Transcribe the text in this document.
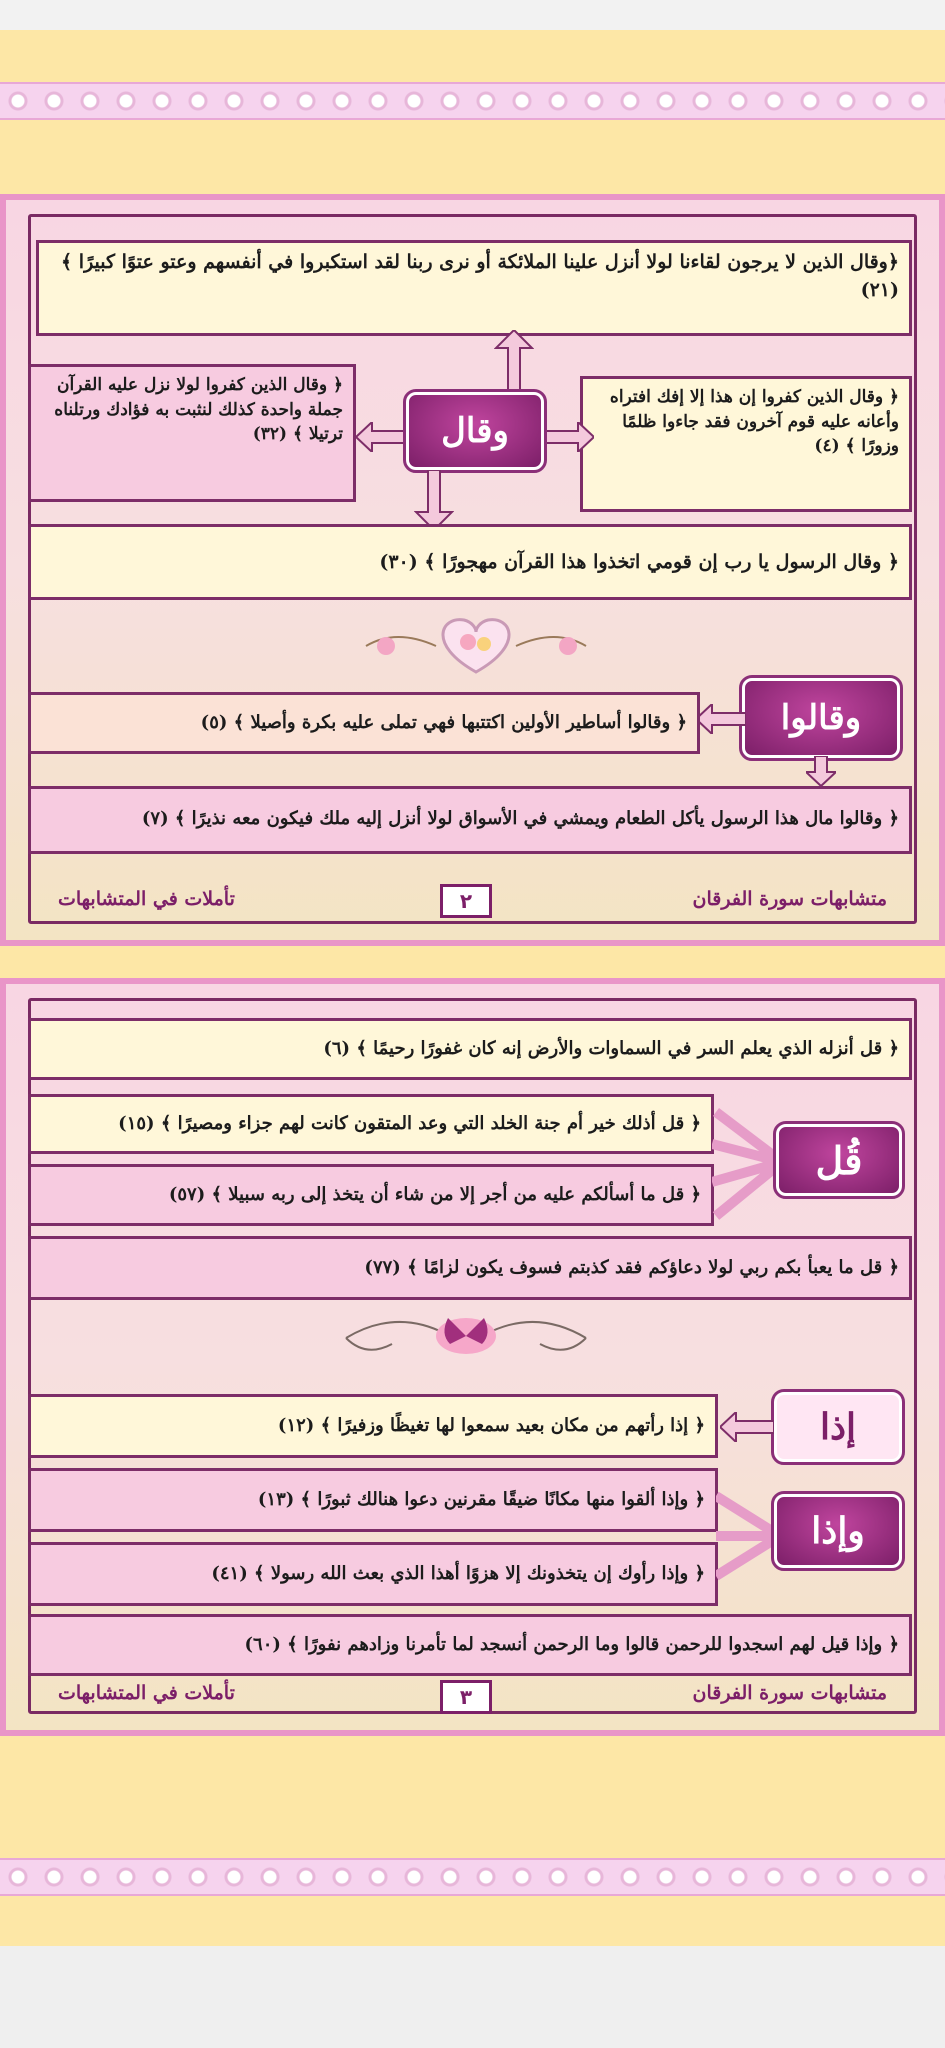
﴿وقال الذين لا يرجون لقاءنا لولا أنزل علينا الملائكة أو نرى ربنا لقد استكبروا في أنفسهم وعتو عتوًا كبيرًا ﴾ (٢١)
﴿ وقال الذين كفروا إن هذا إلا إفك افتراه وأعانه عليه قوم آخرون فقد جاءوا ظلمًا وزورًا ﴾ (٤)
﴿ وقال الذين كفروا لولا نزل عليه القرآن جملة واحدة كذلك لنثبت به فؤادك ورتلناه ترتيلا ﴾ (٣٢)	وقال
﴿ وقال الرسول يا رب إن قومي اتخذوا هذا القرآن مهجورًا ﴾ (٣٠)
وقالوا
﴿ وقالوا أساطير الأولين اكتتبها فهي تملى عليه بكرة وأصيلا ﴾ (٥)
﴿ وقالوا مال هذا الرسول يأكل الطعام ويمشي في الأسواق لولا أنزل إليه ملك فيكون معه نذيرًا ﴾ (٧)
تأملات في المتشابهات	٢	متشابهات سورة الفرقان
﴿ قل أنزله الذي يعلم السر في السماوات والأرض إنه كان غفورًا رحيمًا ﴾ (٦)
﴿ قل أذلك خير أم جنة الخلد التي وعد المتقون كانت لهم جزاء ومصيرًا ﴾ (١٥)
﴿ قل ما أسألكم عليه من أجر إلا من شاء أن يتخذ إلى ربه سبيلا ﴾ (٥٧)
قُل
﴿ قل ما يعبأ بكم ربي لولا دعاؤكم فقد كذبتم فسوف يكون لزامًا ﴾ (٧٧)
إذا
﴿ إذا رأتهم من مكان بعيد سمعوا لها تغيظًا وزفيرًا ﴾ (١٢)
﴿ وإذا ألقوا منها مكانًا ضيقًا مقرنين دعوا هنالك ثبورًا ﴾ (١٣)
﴿ وإذا رأوك إن يتخذونك إلا هزوًا أهذا الذي بعث الله رسولا ﴾ (٤١)
وإذا
﴿ وإذا قيل لهم اسجدوا للرحمن قالوا وما الرحمن أنسجد لما تأمرنا وزادهم نفورًا ﴾ (٦٠)
تأملات في المتشابهات	٣	متشابهات سورة الفرقان
